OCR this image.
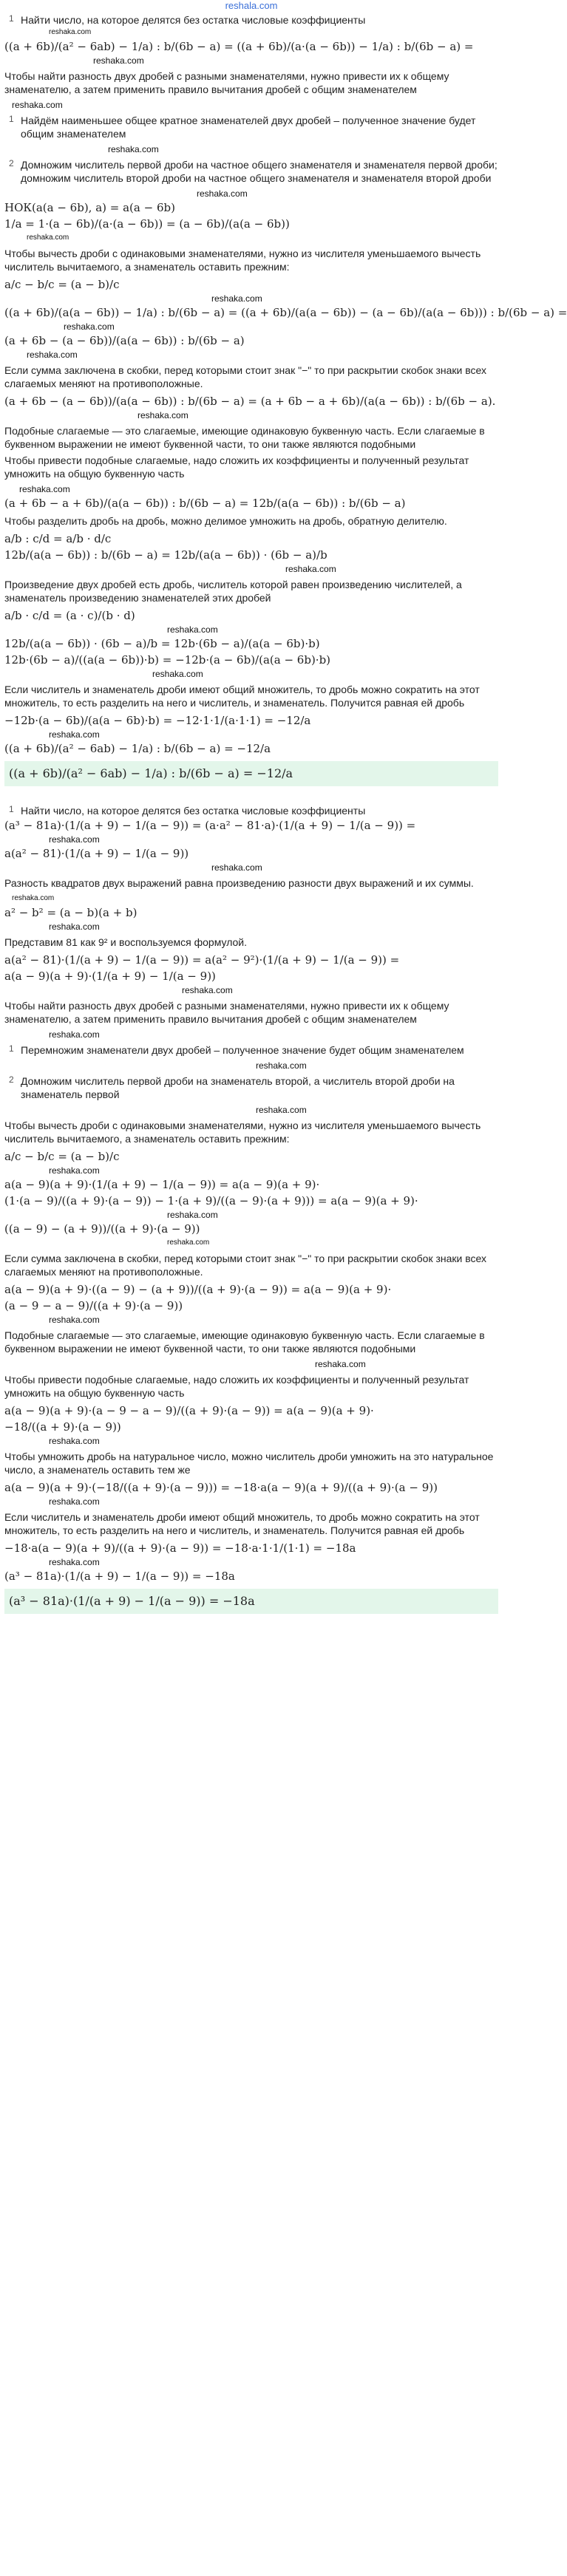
reshala.com
1 Найти число, на которое делятся без остатка числовые коэффициенты

reshaka.com
((a + 6b)/(a² − 6ab) − 1/a) : b/(6b − a) = ((a + 6b)/(a·(a − 6b)) − 1/a) : b/(6b − a) =
reshaka.com

Чтобы найти разность двух дробей с разными знаменателями, нужно привести их к общему знаменателю, а затем применить правило вычитания дробей с общим знаменателем

reshaka.com
1 Найдём наименьшее общее кратное знаменателей двух дробей – полученное значение будет общим знаменателем

reshaka.com
2 Домножим числитель первой дроби на частное общего знаменателя и знаменателя первой дроби; домножим числитель второй дроби на частное общего знаменателя и знаменателя второй дроби

reshaka.com
НОК(a(a − 6b), a) = a(a − 6b)
1/a = 1·(a − 6b)/(a·(a − 6b)) = (a − 6b)/(a(a − 6b))
reshaka.com

Чтобы вычесть дроби с одинаковыми знаменателями, нужно из числителя уменьшаемого вычесть числитель вычитаемого, а знаменатель оставить прежним:

a/c − b/c = (a − b)/c
reshaka.com
((a + 6b)/(a(a − 6b)) − 1/a) : b/(6b − a) = ((a + 6b)/(a(a − 6b)) − (a − 6b)/(a(a − 6b))) : b/(6b − a) =
reshaka.com
(a + 6b − (a − 6b))/(a(a − 6b)) : b/(6b − a)
reshaka.com

Если сумма заключена в скобки, перед которыми стоит знак "−" то при раскрытии скобок знаки всех слагаемых меняют на противоположные.

(a + 6b − (a − 6b))/(a(a − 6b)) : b/(6b − a) = (a + 6b − a + 6b)/(a(a − 6b)) : b/(6b − a).
reshaka.com

Подобные слагаемые — это слагаемые, имеющие одинаковую буквенную часть. Если слагаемые в буквенном выражении не имеют буквенной части, то они также являются подобными

Чтобы привести подобные слагаемые, надо сложить их коэффициенты и полученный результат умножить на общую буквенную часть

reshaka.com
(a + 6b − a + 6b)/(a(a − 6b)) : b/(6b − a) = 12b/(a(a − 6b)) : b/(6b − a)

Чтобы разделить дробь на дробь, можно делимое умножить на дробь, обратную делителю.

a/b : c/d = a/b · d/c
12b/(a(a − 6b)) : b/(6b − a) = 12b/(a(a − 6b)) · (6b − a)/b
reshaka.com

Произведение двух дробей есть дробь, числитель которой равен произведению числителей, а знаменатель произведению знаменателей этих дробей

a/b · c/d = (a · c)/(b · d)
reshaka.com
12b/(a(a − 6b)) · (6b − a)/b = 12b·(6b − a)/(a(a − 6b)·b)
12b·(6b − a)/((a(a − 6b))·b) = −12b·(a − 6b)/(a(a − 6b)·b)
reshaka.com

Если числитель и знаменатель дроби имеют общий множитель, то дробь можно сократить на этот множитель, то есть разделить на него и числитель, и знаменатель. Получится равная ей дробь

−12b·(a − 6b)/(a(a − 6b)·b) = −12·1·1/(a·1·1) = −12/a
reshaka.com
((a + 6b)/(a² − 6ab) − 1/a) : b/(6b − a) = −12/a
((a + 6b)/(a² − 6ab) − 1/a) : b/(6b − a) = −12/a
1 Найти число, на которое делятся без остатка числовые коэффициенты

(a³ − 81a)·(1/(a + 9) − 1/(a − 9)) = (a·a² − 81·a)·(1/(a + 9) − 1/(a − 9)) =
reshaka.com
a(a² − 81)·(1/(a + 9) − 1/(a − 9))
reshaka.com

Разность квадратов двух выражений равна произведению разности двух выражений и их суммы.

reshaka.com
a² − b² = (a − b)(a + b)
reshaka.com

Представим 81 как 9² и воспользуемся формулой.

a(a² − 81)·(1/(a + 9) − 1/(a − 9)) = a(a² − 9²)·(1/(a + 9) − 1/(a − 9)) =
a(a − 9)(a + 9)·(1/(a + 9) − 1/(a − 9))
reshaka.com

Чтобы найти разность двух дробей с разными знаменателями, нужно привести их к общему знаменателю, а затем применить правило вычитания дробей с общим знаменателем

reshaka.com
1 Перемножим знаменатели двух дробей – полученное значение будет общим знаменателем

reshaka.com
2 Домножим числитель первой дроби на знаменатель второй, а числитель второй дроби на знаменатель первой

reshaka.com

Чтобы вычесть дроби с одинаковыми знаменателями, нужно из числителя уменьшаемого вычесть числитель вычитаемого, а знаменатель оставить прежним:

a/c − b/c = (a − b)/c
reshaka.com
a(a − 9)(a + 9)·(1/(a + 9) − 1/(a − 9)) = a(a − 9)(a + 9)·
(1·(a − 9)/((a + 9)·(a − 9)) − 1·(a + 9)/((a − 9)·(a + 9))) = a(a − 9)(a + 9)·
reshaka.com
((a − 9) − (a + 9))/((a + 9)·(a − 9))
reshaka.com

Если сумма заключена в скобки, перед которыми стоит знак "−" то при раскрытии скобок знаки всех слагаемых меняют на противоположные.

a(a − 9)(a + 9)·((a − 9) − (a + 9))/((a + 9)·(a − 9)) = a(a − 9)(a + 9)·
(a − 9 − a − 9)/((a + 9)·(a − 9))
reshaka.com

Подобные слагаемые — это слагаемые, имеющие одинаковую буквенную часть. Если слагаемые в буквенном выражении не имеют буквенной части, то они также являются подобными

reshaka.com

Чтобы привести подобные слагаемые, надо сложить их коэффициенты и полученный результат умножить на общую буквенную часть

a(a − 9)(a + 9)·(a − 9 − a − 9)/((a + 9)·(a − 9)) = a(a − 9)(a + 9)·
−18/((a + 9)·(a − 9))
reshaka.com

Чтобы умножить дробь на натуральное число, можно числитель дроби умножить на это натуральное число, а знаменатель оставить тем же

a(a − 9)(a + 9)·(−18/((a + 9)·(a − 9))) = −18·a(a − 9)(a + 9)/((a + 9)·(a − 9))
reshaka.com

Если числитель и знаменатель дроби имеют общий множитель, то дробь можно сократить на этот множитель, то есть разделить на него и числитель, и знаменатель. Получится равная ей дробь

−18·a(a − 9)(a + 9)/((a + 9)·(a − 9)) = −18·a·1·1/(1·1) = −18a
reshaka.com
(a³ − 81a)·(1/(a + 9) − 1/(a − 9)) = −18a
(a³ − 81a)·(1/(a + 9) − 1/(a − 9)) = −18a
